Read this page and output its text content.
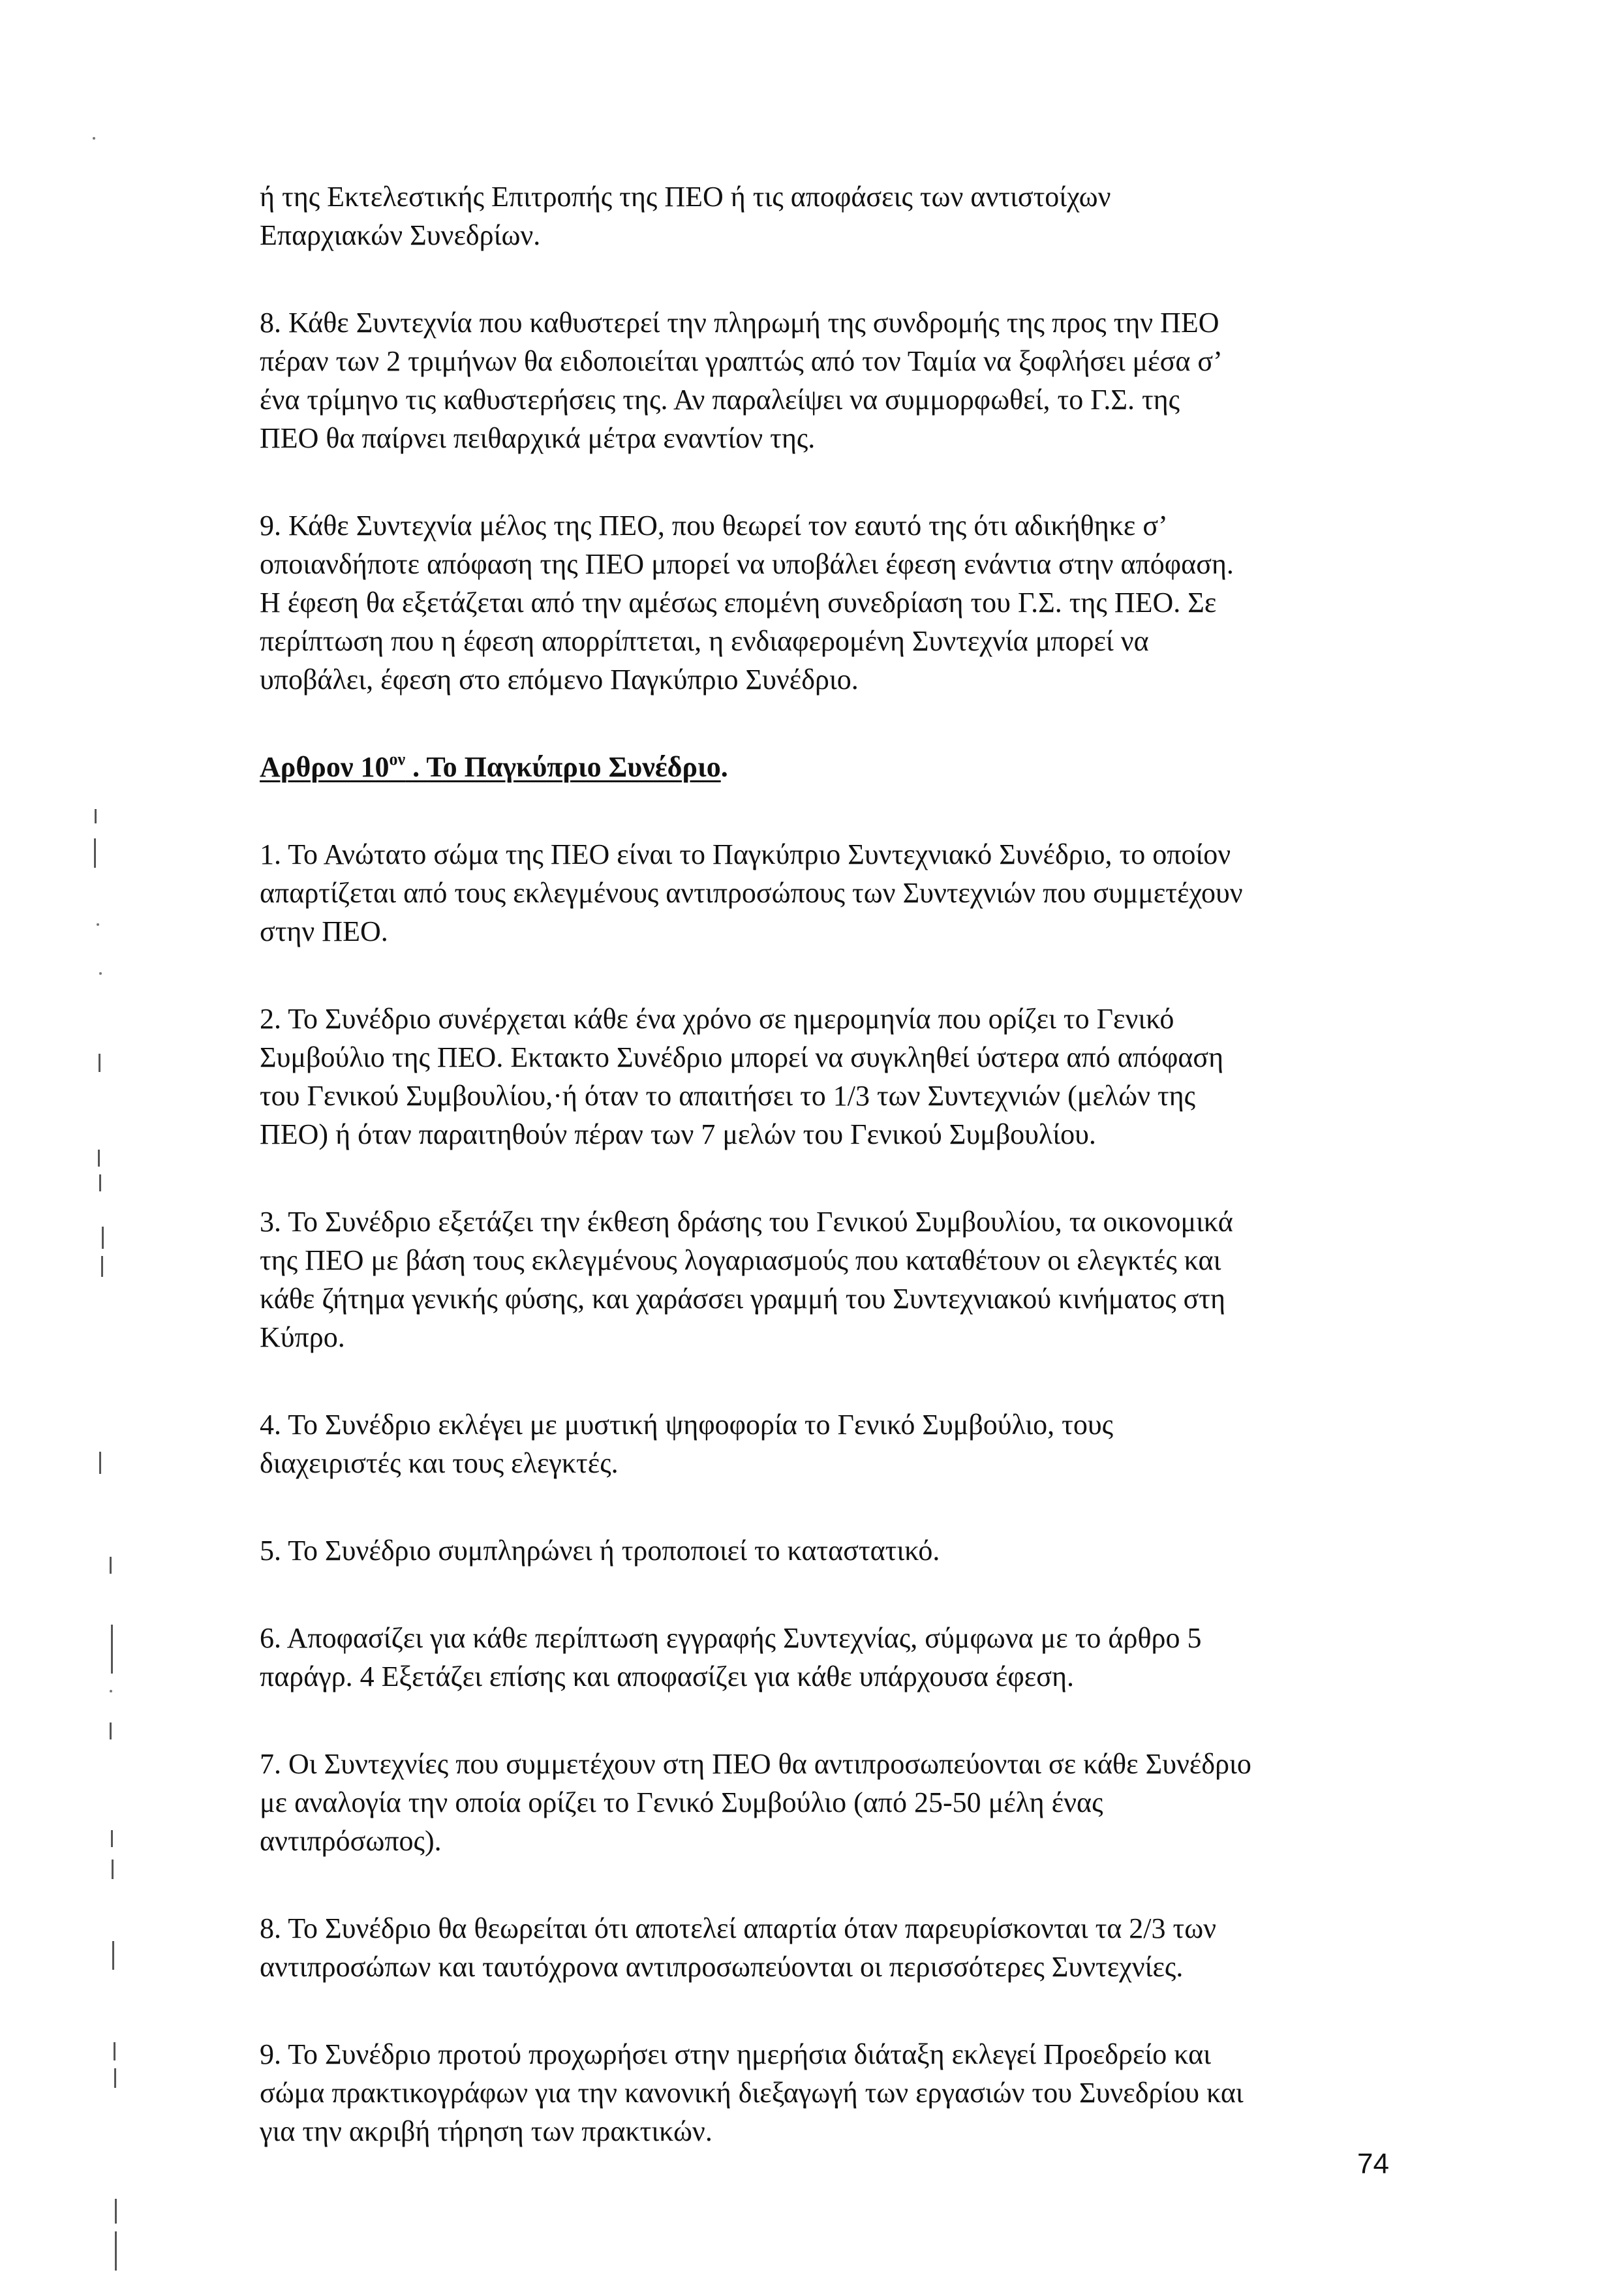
ή της Εκτελεστικής Επιτροπής της ΠΕΟ ή τις αποφάσεις των αντιστοίχων
Επαρχιακών Συνεδρίων.
8. Κάθε Συντεχνία που καθυστερεί την πληρωμή της συνδρομής της προς την ΠΕΟ
πέραν των 2 τριμήνων θα ειδοποιείται γραπτώς από τον Ταμία να ξοφλήσει μέσα σ’
ένα τρίμηνο τις καθυστερήσεις της. Αν παραλείψει να συμμορφωθεί, το Γ.Σ. της
ΠΕΟ θα παίρνει πειθαρχικά μέτρα εναντίον της.
9. Κάθε Συντεχνία μέλος της ΠΕΟ, που θεωρεί τον εαυτό της ότι αδικήθηκε σ’
οποιανδήποτε απόφαση της ΠΕΟ μπορεί να υποβάλει έφεση ενάντια στην απόφαση.
Η έφεση θα εξετάζεται από την αμέσως επομένη συνεδρίαση του Γ.Σ. της ΠΕΟ. Σε
περίπτωση που η έφεση απορρίπτεται, η ενδιαφερομένη Συντεχνία μπορεί να
υποβάλει, έφεση στο επόμενο Παγκύπριο Συνέδριο.
Αρθρον $10^{o\nu}$ . Το Παγκύπριο Συνέδριο.
1. Το Ανώτατο σώμα της ΠΕΟ είναι το Παγκύπριο Συντεχνιακό Συνέδριο, το οποίον
απαρτίζεται από τους εκλεγμένους αντιπροσώπους των Συντεχνιών που συμμετέχουν
στην ΠΕΟ.
2. Το Συνέδριο συνέρχεται κάθε ένα χρόνο σε ημερομηνία που ορίζει το Γενικό
Συμβούλιο της ΠΕΟ. Εκτακτο Συνέδριο μπορεί να συγκληθεί ύστερα από απόφαση
του Γενικού Συμβουλίου,·ή όταν το απαιτήσει το 1/3 των Συντεχνιών (μελών της
ΠΕΟ) ή όταν παραιτηθούν πέραν των 7 μελών του Γενικού Συμβουλίου.
3. Το Συνέδριο εξετάζει την έκθεση δράσης του Γενικού Συμβουλίου, τα οικονομικά
της ΠΕΟ με βάση τους εκλεγμένους λογαριασμούς που καταθέτουν οι ελεγκτές και
κάθε ζήτημα γενικής φύσης, και χαράσσει γραμμή του Συντεχνιακού κινήματος στη
Κύπρο.
4. Το Συνέδριο εκλέγει με μυστική ψηφοφορία το Γενικό Συμβούλιο, τους
διαχειριστές και τους ελεγκτές.
5. Το Συνέδριο συμπληρώνει ή τροποποιεί το καταστατικό.
6. Αποφασίζει για κάθε περίπτωση εγγραφής Συντεχνίας, σύμφωνα με το άρθρο 5
παράγρ. 4 Εξετάζει επίσης και αποφασίζει για κάθε υπάρχουσα έφεση.
7. Οι Συντεχνίες που συμμετέχουν στη ΠΕΟ θα αντιπροσωπεύονται σε κάθε Συνέδριο
με αναλογία την οποία ορίζει το Γενικό Συμβούλιο (από 25-50 μέλη ένας
αντιπρόσωπος).
8. Το Συνέδριο θα θεωρείται ότι αποτελεί απαρτία όταν παρευρίσκονται τα 2/3 των
αντιπροσώπων και ταυτόχρονα αντιπροσωπεύονται οι περισσότερες Συντεχνίες.
9. Το Συνέδριο προτού προχωρήσει στην ημερήσια διάταξη εκλεγεί Προεδρείο και
σώμα πρακτικογράφων για την κανονική διεξαγωγή των εργασιών του Συνεδρίου και
για την ακριβή τήρηση των πρακτικών.
74
